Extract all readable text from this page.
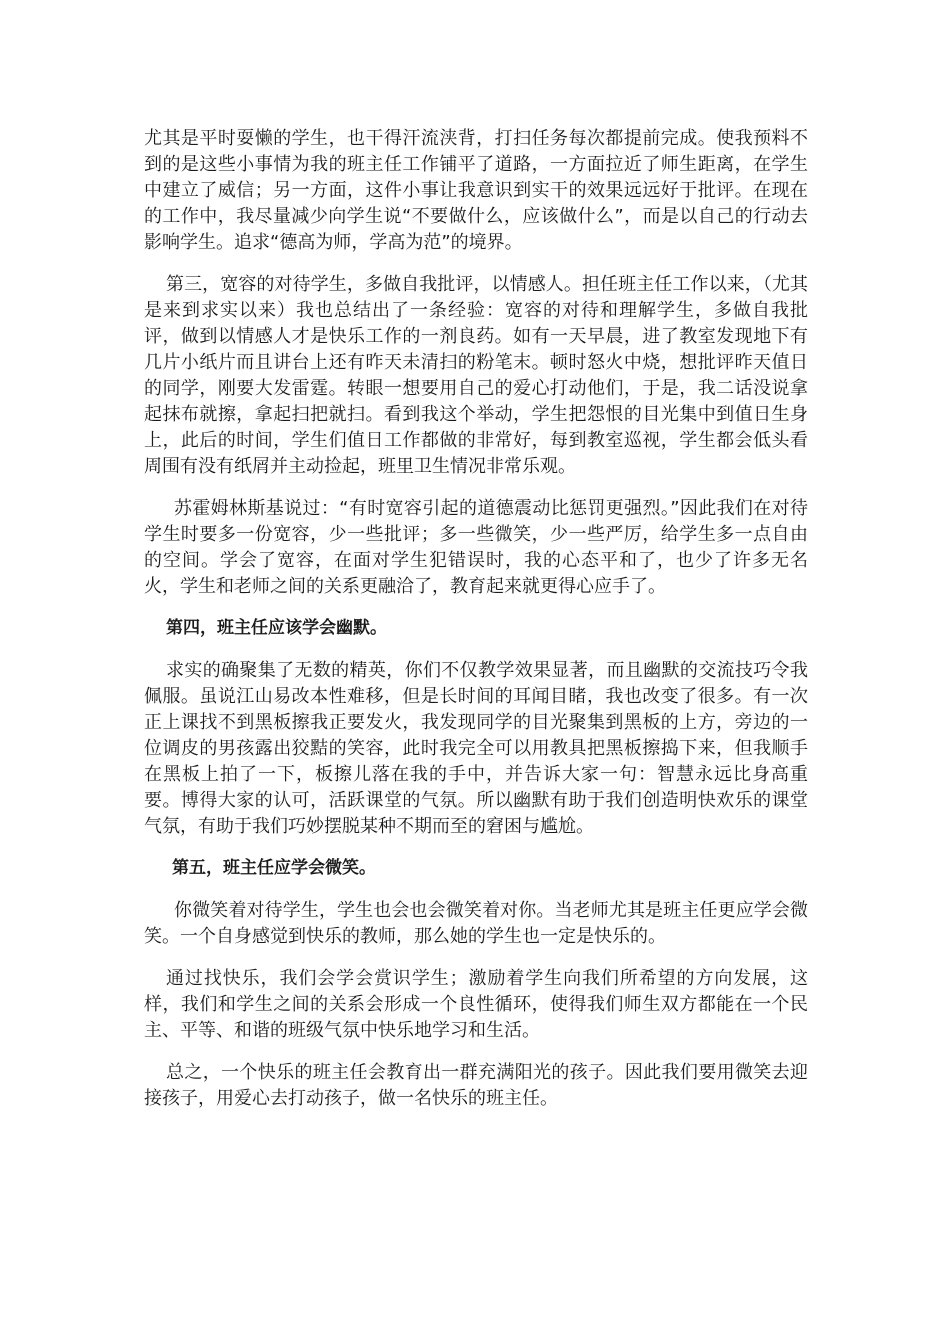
尤其是平时耍懒的学生，也干得汗流浃背，打扫任务每次都提前完成。使我预料不到的是这些小事情为我的班主任工作铺平了道路，一方面拉近了师生距离，在学生中建立了威信；另一方面，这件小事让我意识到实干的效果远远好于批评。在现在的工作中，我尽量减少向学生说“不要做什么，应该做什么”，而是以自己的行动去影响学生。追求“德高为师，学高为范”的境界。

第三，宽容的对待学生，多做自我批评，以情感人。担任班主任工作以来，（尤其是来到求实以来）我也总结出了一条经验：宽容的对待和理解学生，多做自我批评，做到以情感人才是快乐工作的一剂良药。如有一天早晨，进了教室发现地下有几片小纸片而且讲台上还有昨天未清扫的粉笔末。顿时怒火中烧，想批评昨天值日的同学，刚要大发雷霆。转眼一想要用自己的爱心打动他们，于是，我二话没说拿起抹布就擦，拿起扫把就扫。看到我这个举动，学生把怨恨的目光集中到值日生身上，此后的时间，学生们值日工作都做的非常好，每到教室巡视，学生都会低头看周围有没有纸屑并主动捡起，班里卫生情况非常乐观。

苏霍姆林斯基说过：“有时宽容引起的道德震动比惩罚更强烈。”因此我们在对待学生时要多一份宽容，少一些批评；多一些微笑，少一些严厉，给学生多一点自由的空间。学会了宽容，在面对学生犯错误时，我的心态平和了，也少了许多无名火，学生和老师之间的关系更融洽了，教育起来就更得心应手了。

第四，班主任应该学会幽默。

求实的确聚集了无数的精英，你们不仅教学效果显著，而且幽默的交流技巧令我佩服。虽说江山易改本性难移，但是长时间的耳闻目睹，我也改变了很多。有一次正上课找不到黑板擦我正要发火，我发现同学的目光聚集到黑板的上方，旁边的一位调皮的男孩露出狡黠的笑容，此时我完全可以用教具把黑板擦捣下来，但我顺手在黑板上拍了一下，板擦儿落在我的手中，并告诉大家一句：智慧永远比身高重要。博得大家的认可，活跃课堂的气氛。所以幽默有助于我们创造明快欢乐的课堂气氛，有助于我们巧妙摆脱某种不期而至的窘困与尴尬。

第五，班主任应学会微笑。

你微笑着对待学生，学生也会也会微笑着对你。当老师尤其是班主任更应学会微笑。一个自身感觉到快乐的教师，那么她的学生也一定是快乐的。

通过找快乐，我们会学会赏识学生；激励着学生向我们所希望的方向发展，这样，我们和学生之间的关系会形成一个良性循环，使得我们师生双方都能在一个民主、平等、和谐的班级气氛中快乐地学习和生活。

总之，一个快乐的班主任会教育出一群充满阳光的孩子。因此我们要用微笑去迎接孩子，用爱心去打动孩子，做一名快乐的班主任。
